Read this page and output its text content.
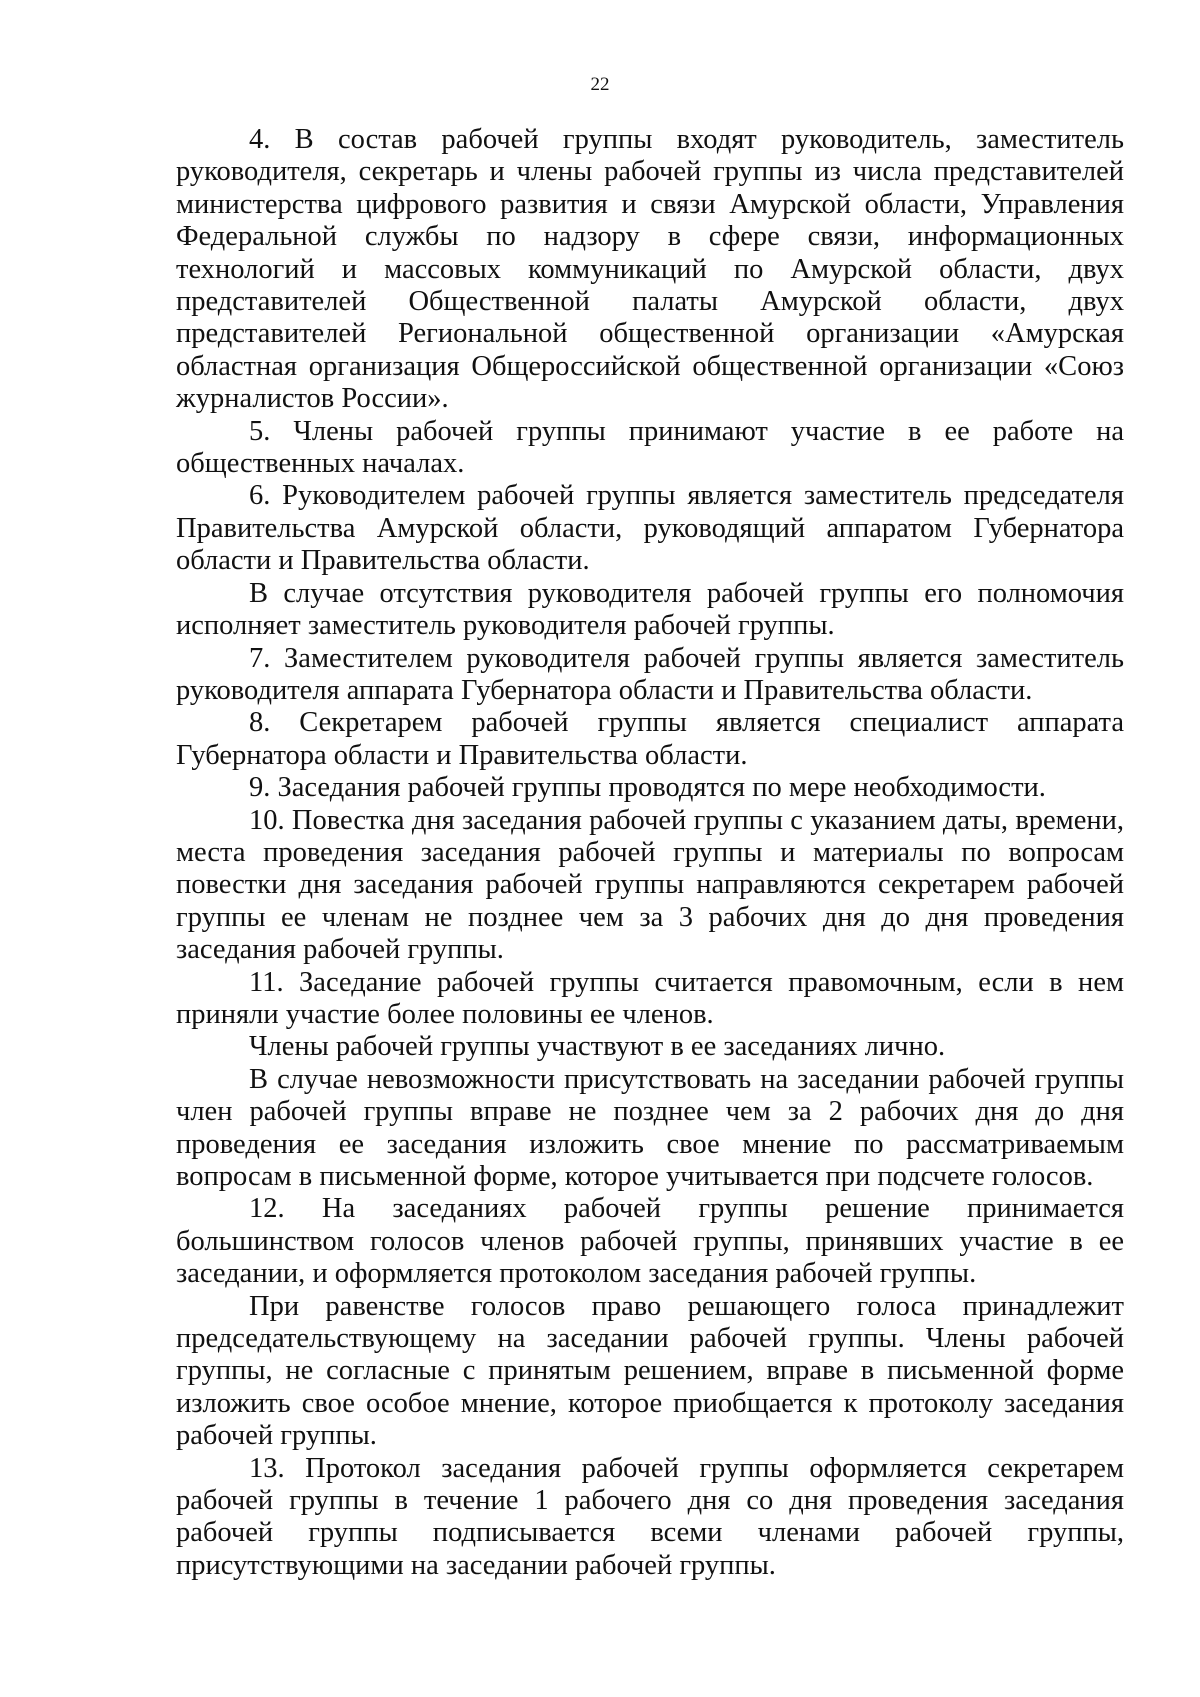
22

4. В состав рабочей группы входят руководитель, заместитель руководителя, секретарь и члены рабочей группы из числа представителей министерства цифрового развития и связи Амурской области, Управления Федеральной службы по надзору в сфере связи, информационных технологий и массовых коммуникаций по Амурской области, двух представителей Общественной палаты Амурской области, двух представителей Региональной общественной организации «Амурская областная организация Общероссийской общественной организации «Союз журналистов России».

5. Члены рабочей группы принимают участие в ее работе на общественных началах.

6. Руководителем рабочей группы является заместитель председателя Правительства Амурской области, руководящий аппаратом Губернатора области и Правительства области.

В случае отсутствия руководителя рабочей группы его полномочия исполняет заместитель руководителя рабочей группы.

7. Заместителем руководителя рабочей группы является заместитель руководителя аппарата Губернатора области и Правительства области.

8. Секретарем рабочей группы является специалист аппарата Губернатора области и Правительства области.

9. Заседания рабочей группы проводятся по мере необходимости.

10. Повестка дня заседания рабочей группы с указанием даты, времени, места проведения заседания рабочей группы и материалы по вопросам повестки дня заседания рабочей группы направляются секретарем рабочей группы ее членам не позднее чем за 3 рабочих дня до дня проведения заседания рабочей группы.

11. Заседание рабочей группы считается правомочным, если в нем приняли участие более половины ее членов.

Члены рабочей группы участвуют в ее заседаниях лично.

В случае невозможности присутствовать на заседании рабочей группы член рабочей группы вправе не позднее чем за 2 рабочих дня до дня проведения ее заседания изложить свое мнение по рассматриваемым вопросам в письменной форме, которое учитывается при подсчете голосов.

12. На заседаниях рабочей группы решение принимается большинством голосов членов рабочей группы, принявших участие в ее заседании, и оформляется протоколом заседания рабочей группы.

При равенстве голосов право решающего голоса принадлежит председательствующему на заседании рабочей группы. Члены рабочей группы, не согласные с принятым решением, вправе в письменной форме изложить свое особое мнение, которое приобщается к протоколу заседания рабочей группы.

13. Протокол заседания рабочей группы оформляется секретарем рабочей группы в течение 1 рабочего дня со дня проведения заседания рабочей группы подписывается всеми членами рабочей группы, присутствующими на заседании рабочей группы.
